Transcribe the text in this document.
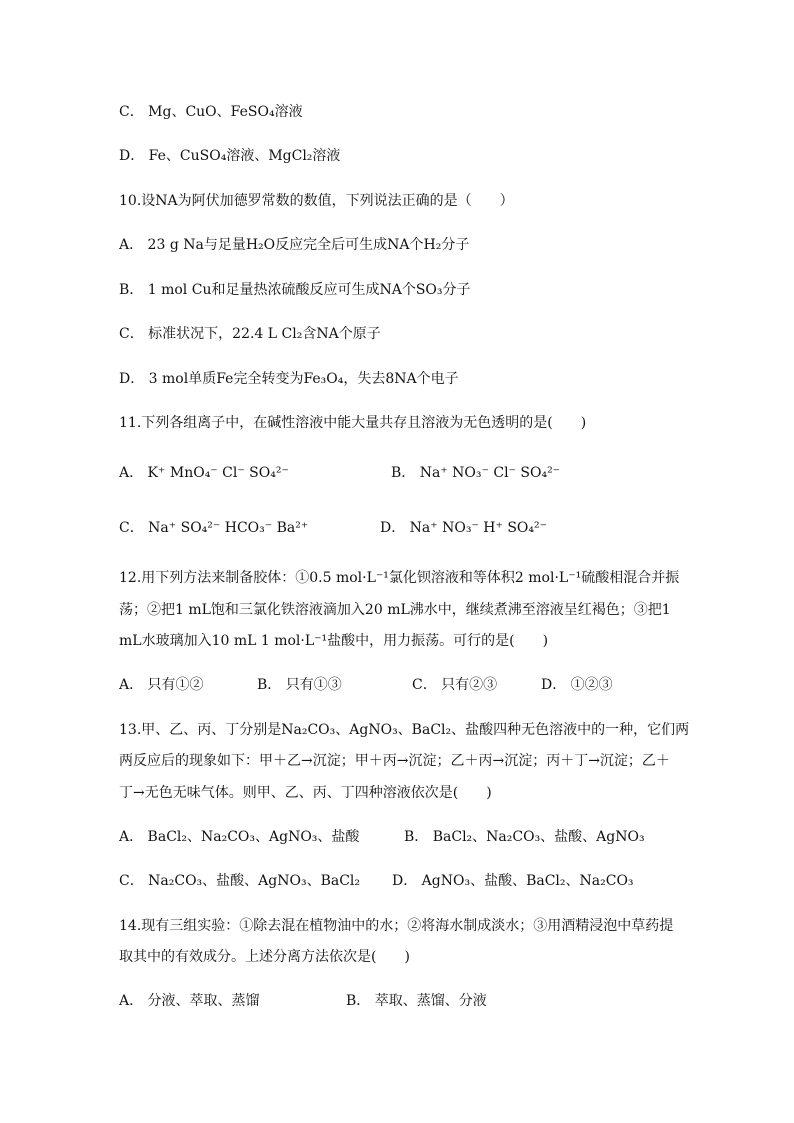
C． Mg、CuO、FeSO₄溶液
D． Fe、CuSO₄溶液、MgCl₂溶液
10.设NA为阿伏加德罗常数的数值，下列说法正确的是（　　）
A． 23 g Na与足量H₂O反应完全后可生成NA个H₂分子
B． 1 mol Cu和足量热浓硫酸反应可生成NA个SO₃分子
C． 标准状况下，22.4 L Cl₂含NA个原子
D． 3 mol单质Fe完全转变为Fe₃O₄，失去8NA个电子
11.下列各组离子中，在碱性溶液中能大量共存且溶液为无色透明的是(　　)
A． K⁺ MnO₄⁻ Cl⁻ SO₄²⁻	B． Na⁺ NO₃⁻ Cl⁻ SO₄²⁻
C． Na⁺ SO₄²⁻ HCO₃⁻ Ba²⁺	D． Na⁺ NO₃⁻ H⁺ SO₄²⁻
12.用下列方法来制备胶体：①0.5 mol·L⁻¹氯化钡溶液和等体积2 mol·L⁻¹硫酸相混合并振
荡；②把1 mL饱和三氯化铁溶液滴加入20 mL沸水中，继续煮沸至溶液呈红褐色；③把1
mL水玻璃加入10 mL 1 mol·L⁻¹盐酸中，用力振荡。可行的是(　　)
A． 只有①②	B． 只有①③	C． 只有②③	D． ①②③
13.甲、乙、丙、丁分别是Na₂CO₃、AgNO₃、BaCl₂、盐酸四种无色溶液中的一种，它们两
两反应后的现象如下：甲＋乙→沉淀；甲＋丙→沉淀；乙＋丙→沉淀；丙＋丁→沉淀；乙＋
丁→无色无味气体。则甲、乙、丙、丁四种溶液依次是(　　)
A． BaCl₂、Na₂CO₃、AgNO₃、盐酸	B． BaCl₂、Na₂CO₃、盐酸、AgNO₃
C． Na₂CO₃、盐酸、AgNO₃、BaCl₂ D． AgNO₃、盐酸、BaCl₂、Na₂CO₃
14.现有三组实验：①除去混在植物油中的水；②将海水制成淡水；③用酒精浸泡中草药提
取其中的有效成分。上述分离方法依次是(　　)
A． 分液、萃取、蒸馏	B． 萃取、蒸馏、分液
